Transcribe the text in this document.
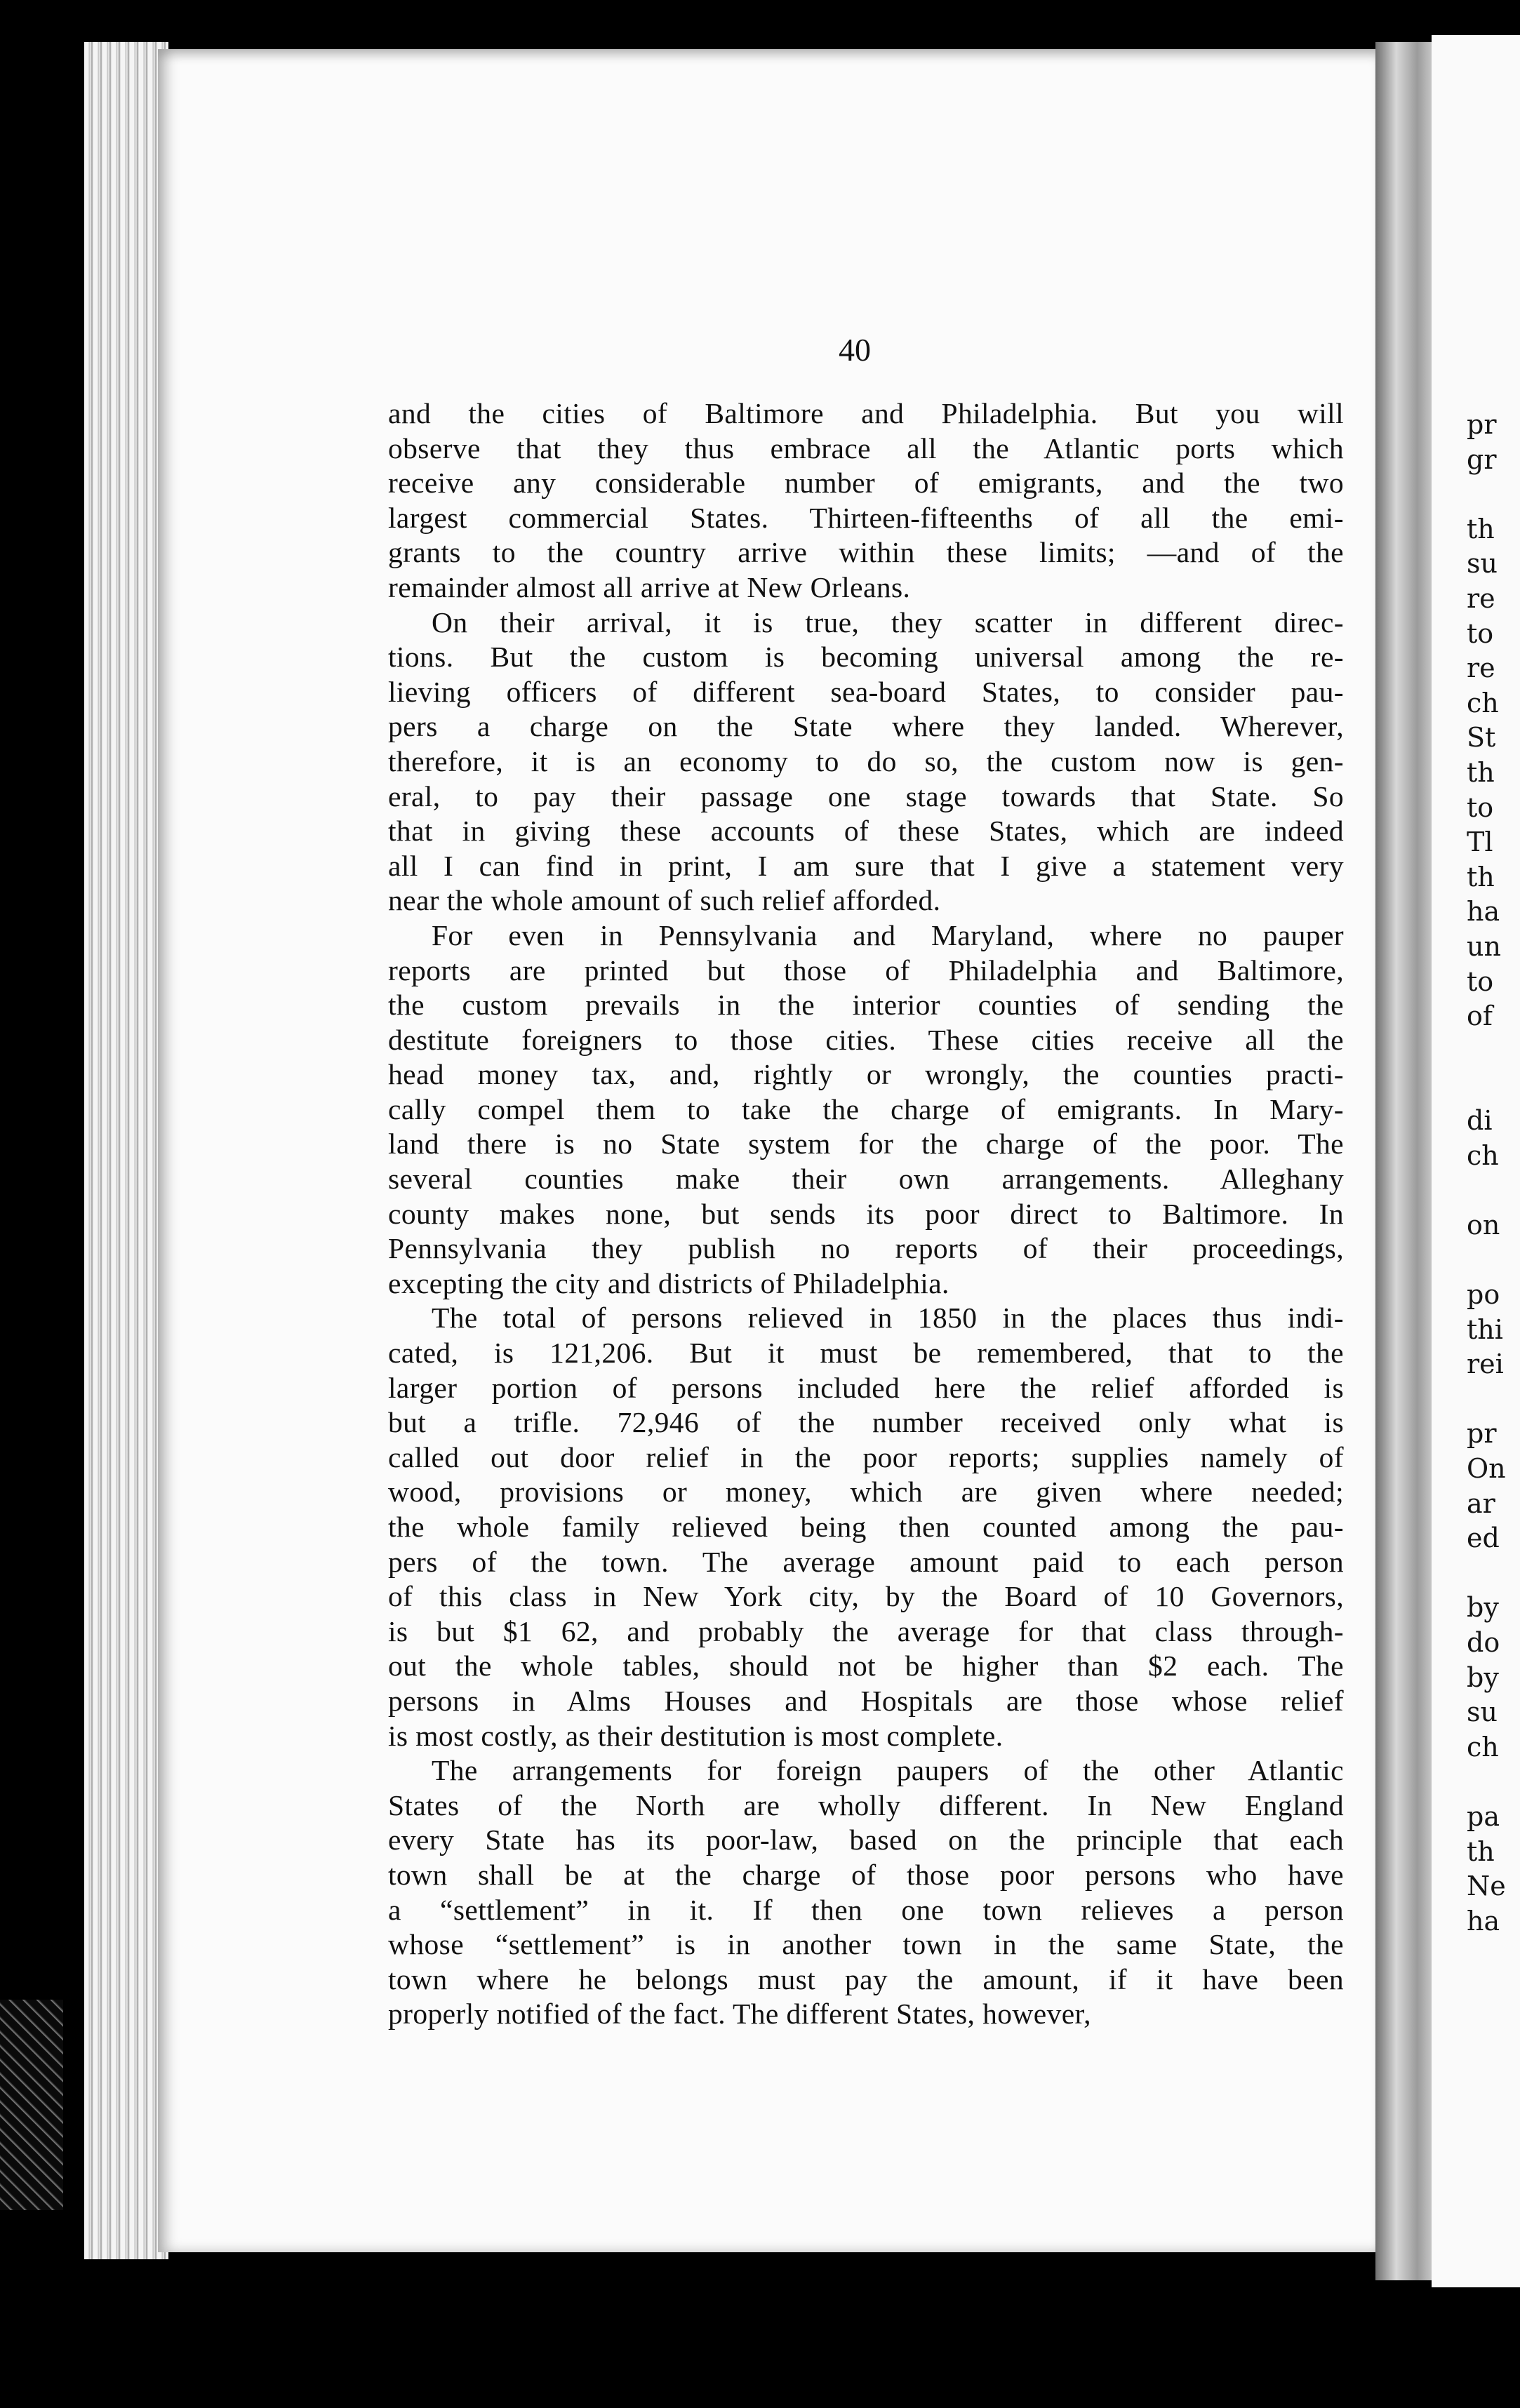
40
and the cities of Baltimore and Philadelphia. But you will
observe that they thus embrace all the Atlantic ports which
receive any considerable number of emigrants, and the two
largest commercial States. Thirteen-fifteenths of all the emi-
grants to the country arrive within these limits; —and of the
remainder almost all arrive at New Orleans.
On their arrival, it is true, they scatter in different direc-
tions. But the custom is becoming universal among the re-
lieving officers of different sea-board States, to consider pau-
pers a charge on the State where they landed. Wherever,
therefore, it is an economy to do so, the custom now is gen-
eral, to pay their passage one stage towards that State. So
that in giving these accounts of these States, which are indeed
all I can find in print, I am sure that I give a statement very
near the whole amount of such relief afforded.
For even in Pennsylvania and Maryland, where no pauper
reports are printed but those of Philadelphia and Baltimore,
the custom prevails in the interior counties of sending the
destitute foreigners to those cities. These cities receive all the
head money tax, and, rightly or wrongly, the counties practi-
cally compel them to take the charge of emigrants. In Mary-
land there is no State system for the charge of the poor. The
several counties make their own arrangements. Alleghany
county makes none, but sends its poor direct to Baltimore. In
Pennsylvania they publish no reports of their proceedings,
excepting the city and districts of Philadelphia.
The total of persons relieved in 1850 in the places thus indi-
cated, is 121,206. But it must be remembered, that to the
larger portion of persons included here the relief afforded is
but a trifle. 72,946 of the number received only what is
called out door relief in the poor reports; supplies namely of
wood, provisions or money, which are given where needed;
the whole family relieved being then counted among the pau-
pers of the town. The average amount paid to each person
of this class in New York city, by the Board of 10 Governors,
is but $1 62, and probably the average for that class through-
out the whole tables, should not be higher than $2 each. The
persons in Alms Houses and Hospitals are those whose relief
is most costly, as their destitution is most complete.
The arrangements for foreign paupers of the other Atlantic
States of the North are wholly different. In New England
every State has its poor-law, based on the principle that each
town shall be at the charge of those poor persons who have
a “settlement” in it. If then one town relieves a person
whose “settlement” is in another town in the same State, the
town where he belongs must pay the amount, if it have been
properly notified of the fact. The different States, however,
pr
gr
th
su
re
to
re
ch
St
th
to
Tl
th
ha
un
to
of
di
ch
on
po
thi
rei
pr
On
ar
ed
by
do
by
su
ch
pa
th
Ne
ha
